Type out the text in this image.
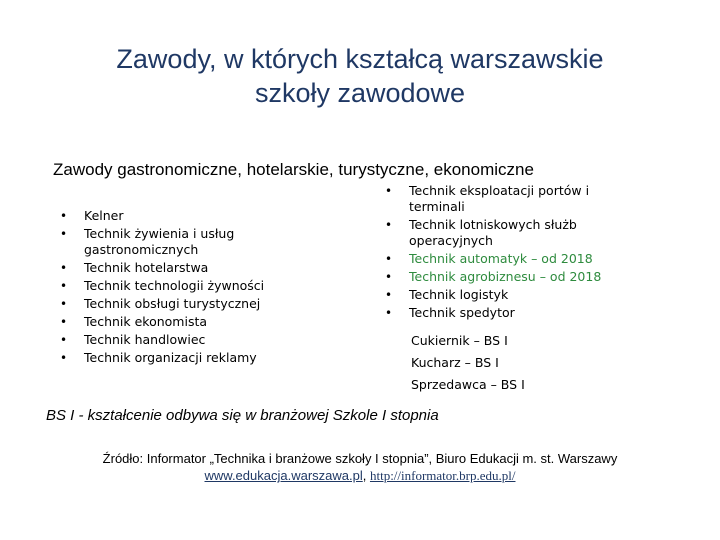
Zawody, w których kształcą warszawskie
szkoły zawodowe
Zawody gastronomiczne, hotelarskie, turystyczne, ekonomiczne
• Kelner
• Technik żywienia i usług gastronomicznych
• Technik hotelarstwa
• Technik technologii żywności
• Technik obsługi turystycznej
• Technik ekonomista
• Technik handlowiec
• Technik organizacji reklamy
• Technik eksploatacji portów i terminali
• Technik lotniskowych służb operacyjnych
• Technik automatyk – od 2018
• Technik agrobiznesu – od 2018
• Technik logistyk
• Technik spedytor
Cukiernik – BS I
Kucharz – BS I
Sprzedawca – BS I
BS I - kształcenie odbywa się w branżowej Szkole I stopnia
Źródło: Informator „Technika i branżowe szkoły I stopnia”, Biuro Edukacji m. st. Warszawy
www.edukacja.warszawa.pl, http://informator.brp.edu.pl/
